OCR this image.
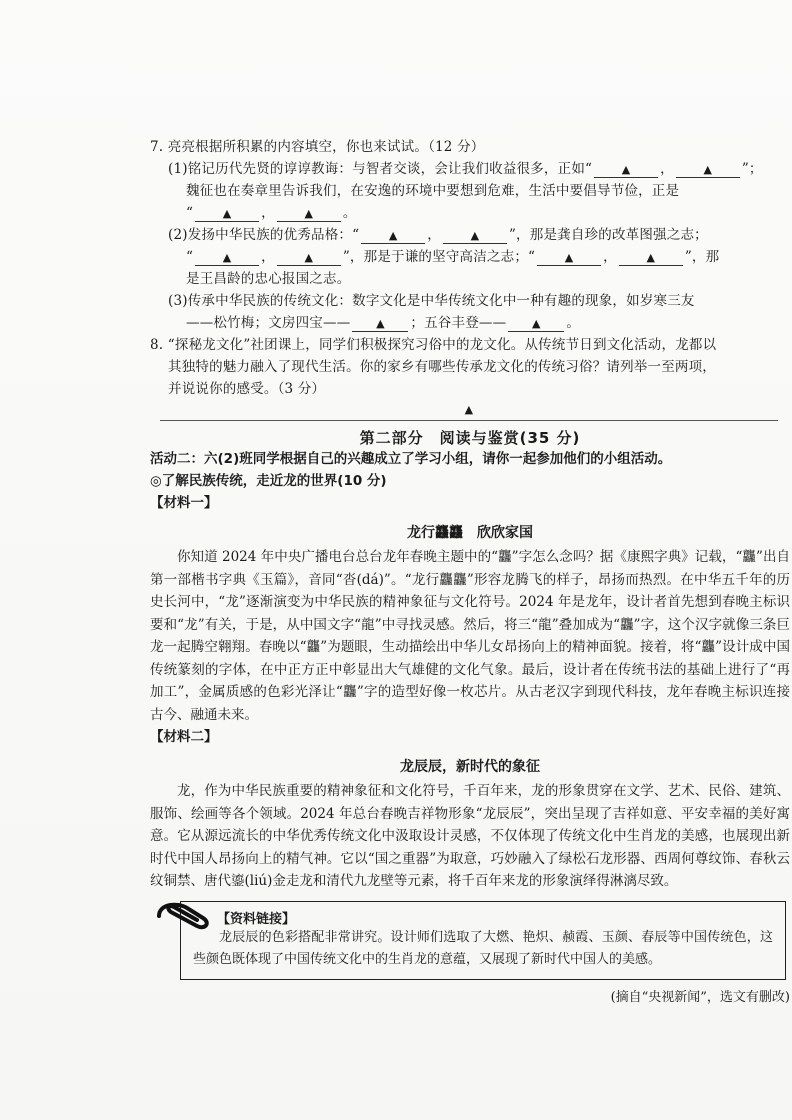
7. 亮亮根据所积累的内容填空，你也来试试。（12 分）
(1)铭记历代先贤的谆谆教诲：与智者交谈，会让我们收益很多，正如“	▲ ，	▲ ”；
魏征也在奏章里告诉我们，在安逸的环境中要想到危难，生活中要倡导节俭，正是
“	▲ ，	▲ 。
(2)发扬中华民族的优秀品格：“	▲ ，	▲ ”，那是龚自珍的改革图强之志；
“	▲ ，	▲ ”，那是于谦的坚守高洁之志；“	▲ ，	▲ ”，那
是王昌龄的忠心报国之志。
(3)传承中华民族的传统文化：数字文化是中华传统文化中一种有趣的现象，如岁寒三友
——松竹梅；文房四宝—— ▲ ；五谷丰登—— ▲ 。
8. “探秘龙文化”社团课上，同学们积极探究习俗中的龙文化。从传统节日到文化活动，龙都以
其独特的魅力融入了现代生活。你的家乡有哪些传承龙文化的传统习俗？请列举一至两项，
并说说你的感受。（3 分）
▲
第二部分　阅读与鉴赏(35 分)
活动二：六(2)班同学根据自己的兴趣成立了学习小组，请你一起参加他们的小组活动。
◎了解民族传统，走近龙的世界(10 分)
【材料一】
龙行龘龘　欣欣家国
你知道 2024 年中央广播电台总台龙年春晚主题中的“龘”字怎么念吗？据《康熙字典》记载，“龘”出自第一部楷书字典《玉篇》，音同“沓(dá)”。“龙行龘龘”形容龙腾飞的样子，昂扬而热烈。在中华五千年的历史长河中，“龙”逐渐演变为中华民族的精神象征与文化符号。2024 年是龙年，设计者首先想到春晚主标识要和“龙”有关，于是，从中国文字“龍”中寻找灵感。然后，将三“龍”叠加成为“龘”字，这个汉字就像三条巨龙一起腾空翱翔。春晚以“龘”为题眼，生动描绘出中华儿女昂扬向上的精神面貌。接着，将“龘”设计成中国传统篆刻的字体，在中正方正中彰显出大气雄健的文化气象。最后，设计者在传统书法的基础上进行了“再加工”，金属质感的色彩光泽让“龘”字的造型好像一枚芯片。从古老汉字到现代科技，龙年春晚主标识连接古今、融通未来。
【材料二】
龙辰辰，新时代的象征
龙，作为中华民族重要的精神象征和文化符号，千百年来，龙的形象贯穿在文学、艺术、民俗、建筑、服饰、绘画等各个领域。2024 年总台春晚吉祥物形象“龙辰辰”，突出呈现了吉祥如意、平安幸福的美好寓意。它从源远流长的中华优秀传统文化中汲取设计灵感，不仅体现了传统文化中生肖龙的美感，也展现出新时代中国人昂扬向上的精气神。它以“国之重器”为取意，巧妙融入了绿松石龙形器、西周何尊纹饰、春秋云纹铜禁、唐代鎏(liú)金走龙和清代九龙壁等元素，将千百年来龙的形象演绎得淋漓尽致。
【资料链接】
龙辰辰的色彩搭配非常讲究。设计师们选取了大燃、艳炽、赪霞、玉颜、春辰等中国传统色，这些颜色既体现了中国传统文化中的生肖龙的意蕴，又展现了新时代中国人的美感。
(摘自“央视新闻”，选文有删改)
